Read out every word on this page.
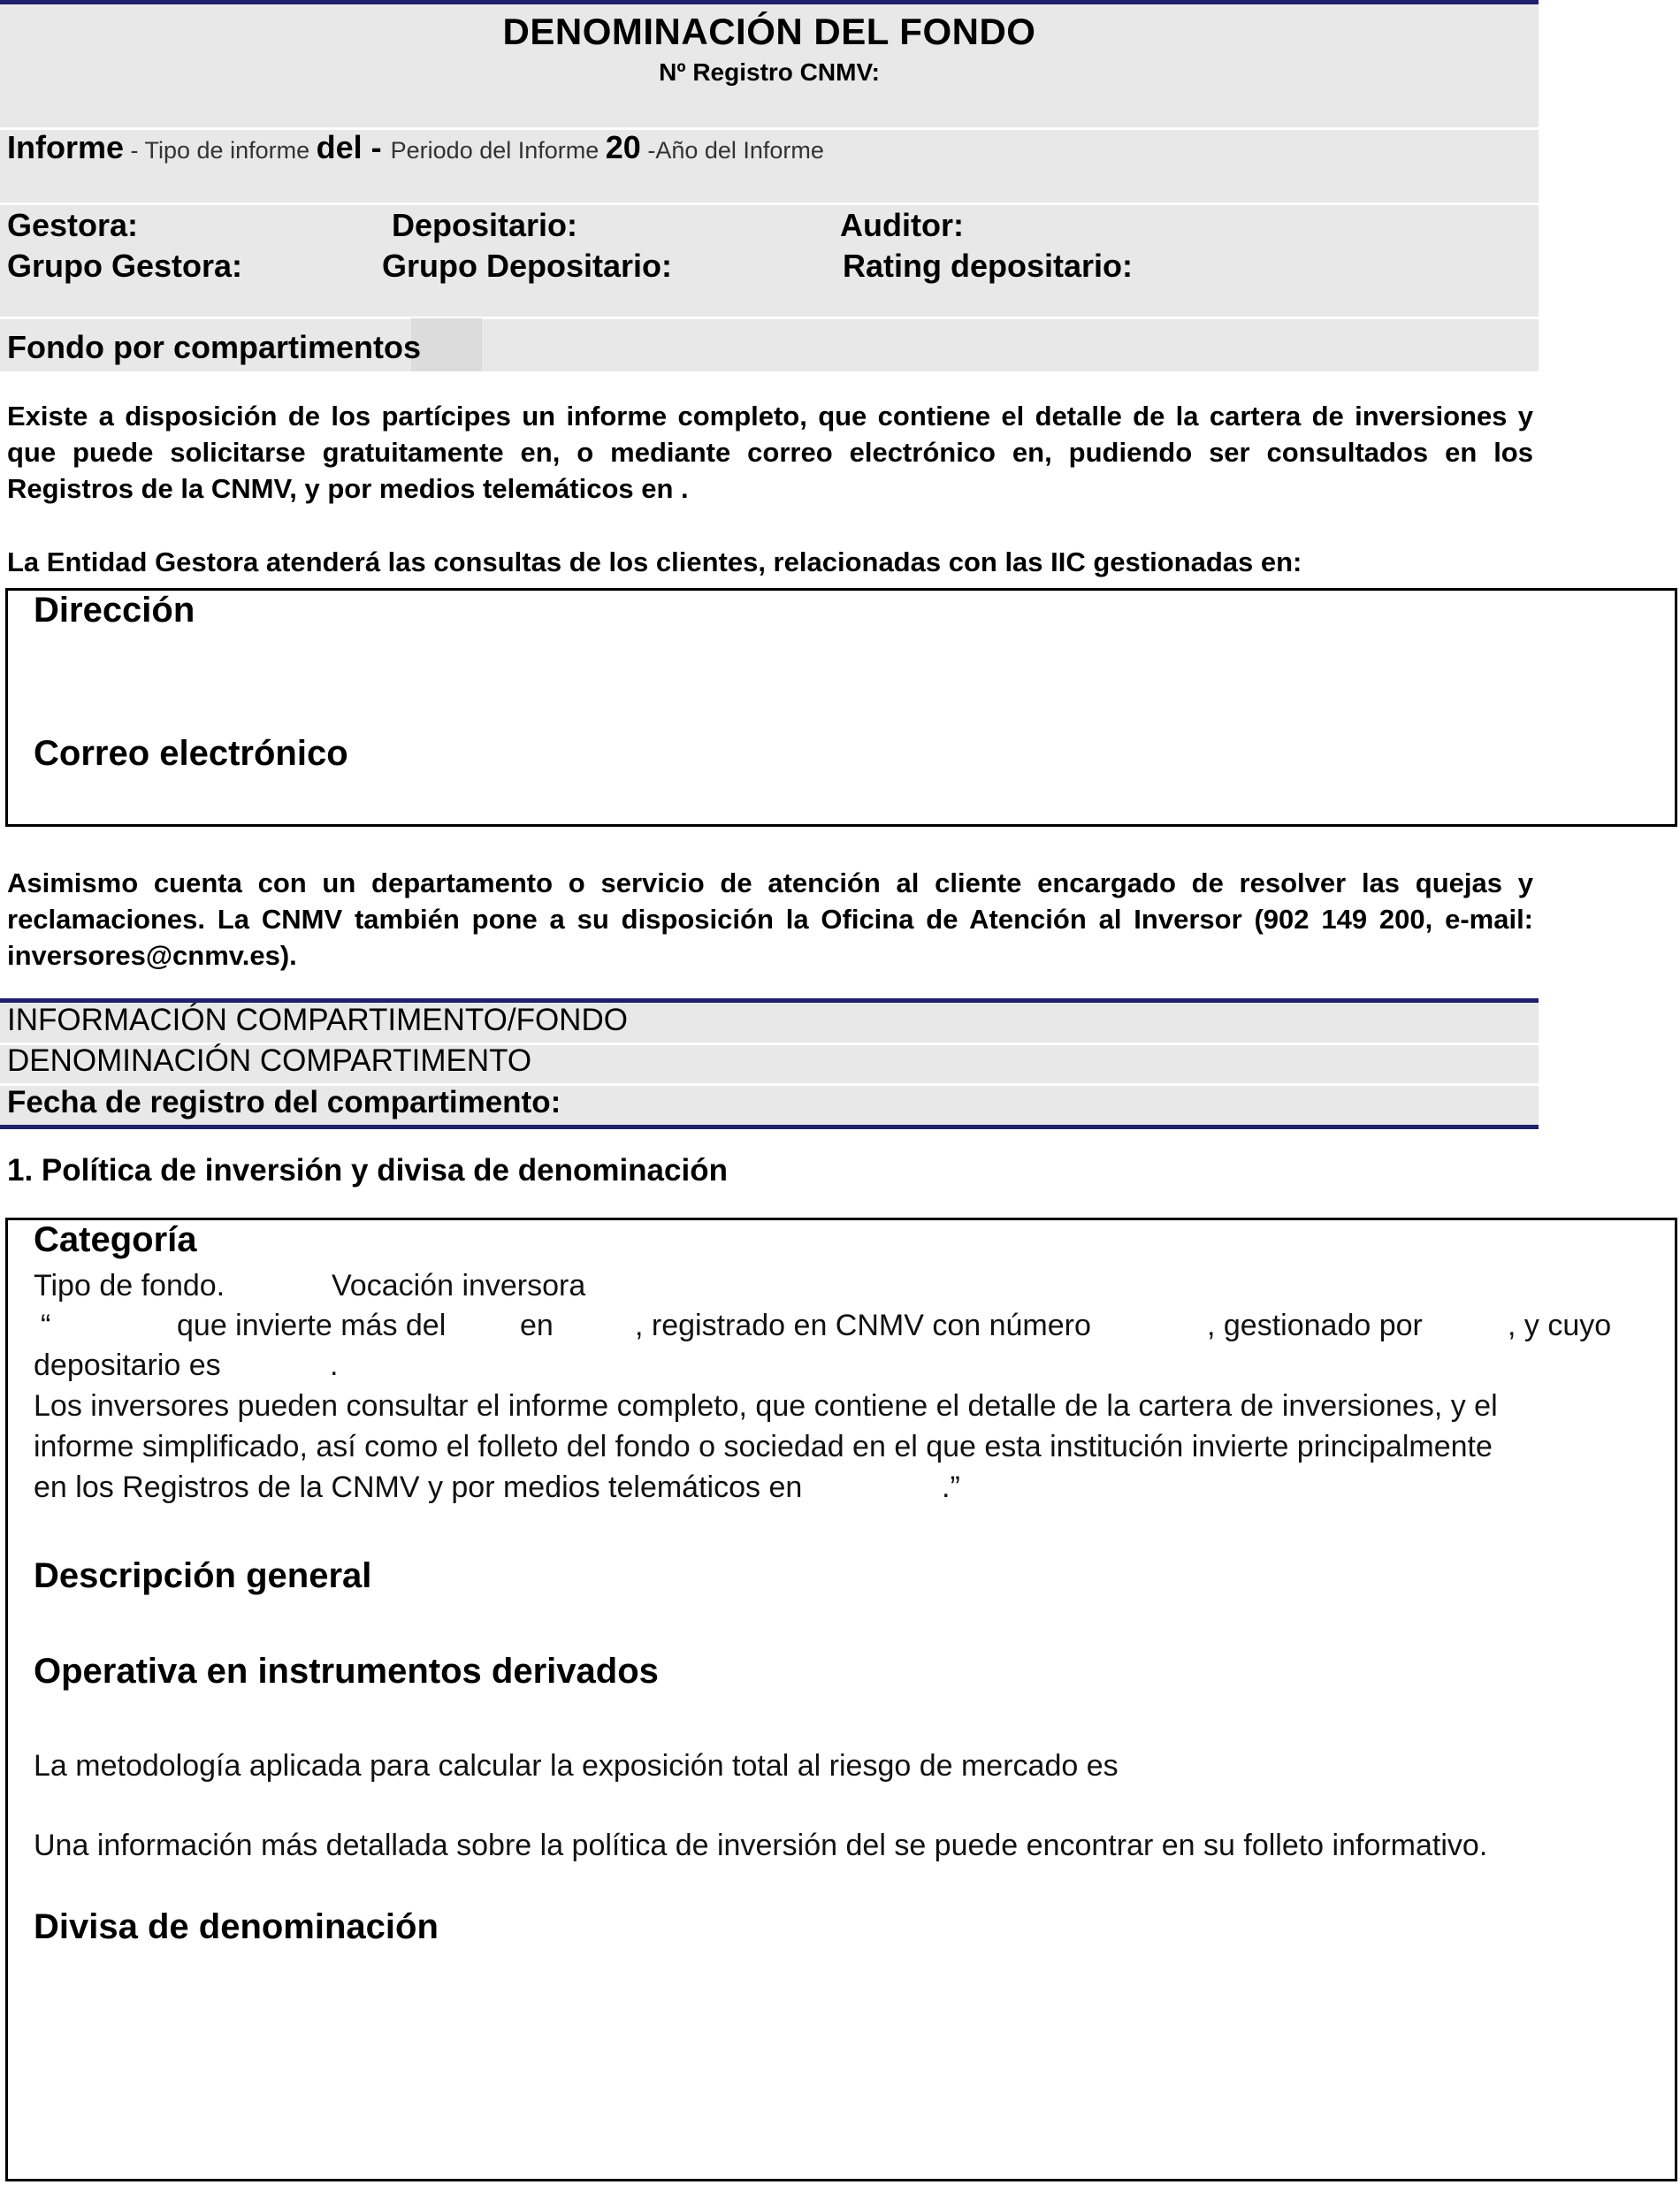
DENOMINACIÓN DEL FONDO
Nº Registro CNMV:
Informe - Tipo de informe del - Periodo del Informe 20 -Año del Informe
Gestora:	Depositario:	Auditor:
Grupo Gestora:	Grupo Depositario:	Rating depositario:
Fondo por compartimentos
Existe a disposición de los partícipes un informe completo, que contiene el detalle de la cartera de inversiones y
que puede solicitarse gratuitamente en, o mediante correo electrónico en, pudiendo ser consultados en los
Registros de la CNMV, y por medios telemáticos en .
La Entidad Gestora atenderá las consultas de los clientes, relacionadas con las IIC gestionadas en:
Dirección
Correo electrónico
Asimismo cuenta con un departamento o servicio de atención al cliente encargado de resolver las quejas y
reclamaciones. La CNMV también pone a su disposición la Oficina de Atención al Inversor (902 149 200, e-mail:
inversores@cnmv.es).
INFORMACIÓN COMPARTIMENTO/FONDO
DENOMINACIÓN COMPARTIMENTO
Fecha de registro del compartimento:
1. Política de inversión y divisa de denominación
Categoría
Tipo de fondo.	Vocación inversora
“	que invierte más del en	, registrado en CNMV con número	, gestionado por	, y cuyo
depositario es	.
Los inversores pueden consultar el informe completo, que contiene el detalle de la cartera de inversiones, y el
informe simplificado, así como el folleto del fondo o sociedad en el que esta institución invierte principalmente
en los Registros de la CNMV y por medios telemáticos en	.”
Descripción general
Operativa en instrumentos derivados
La metodología aplicada para calcular la exposición total al riesgo de mercado es
Una información más detallada sobre la política de inversión del se puede encontrar en su folleto informativo.
Divisa de denominación
